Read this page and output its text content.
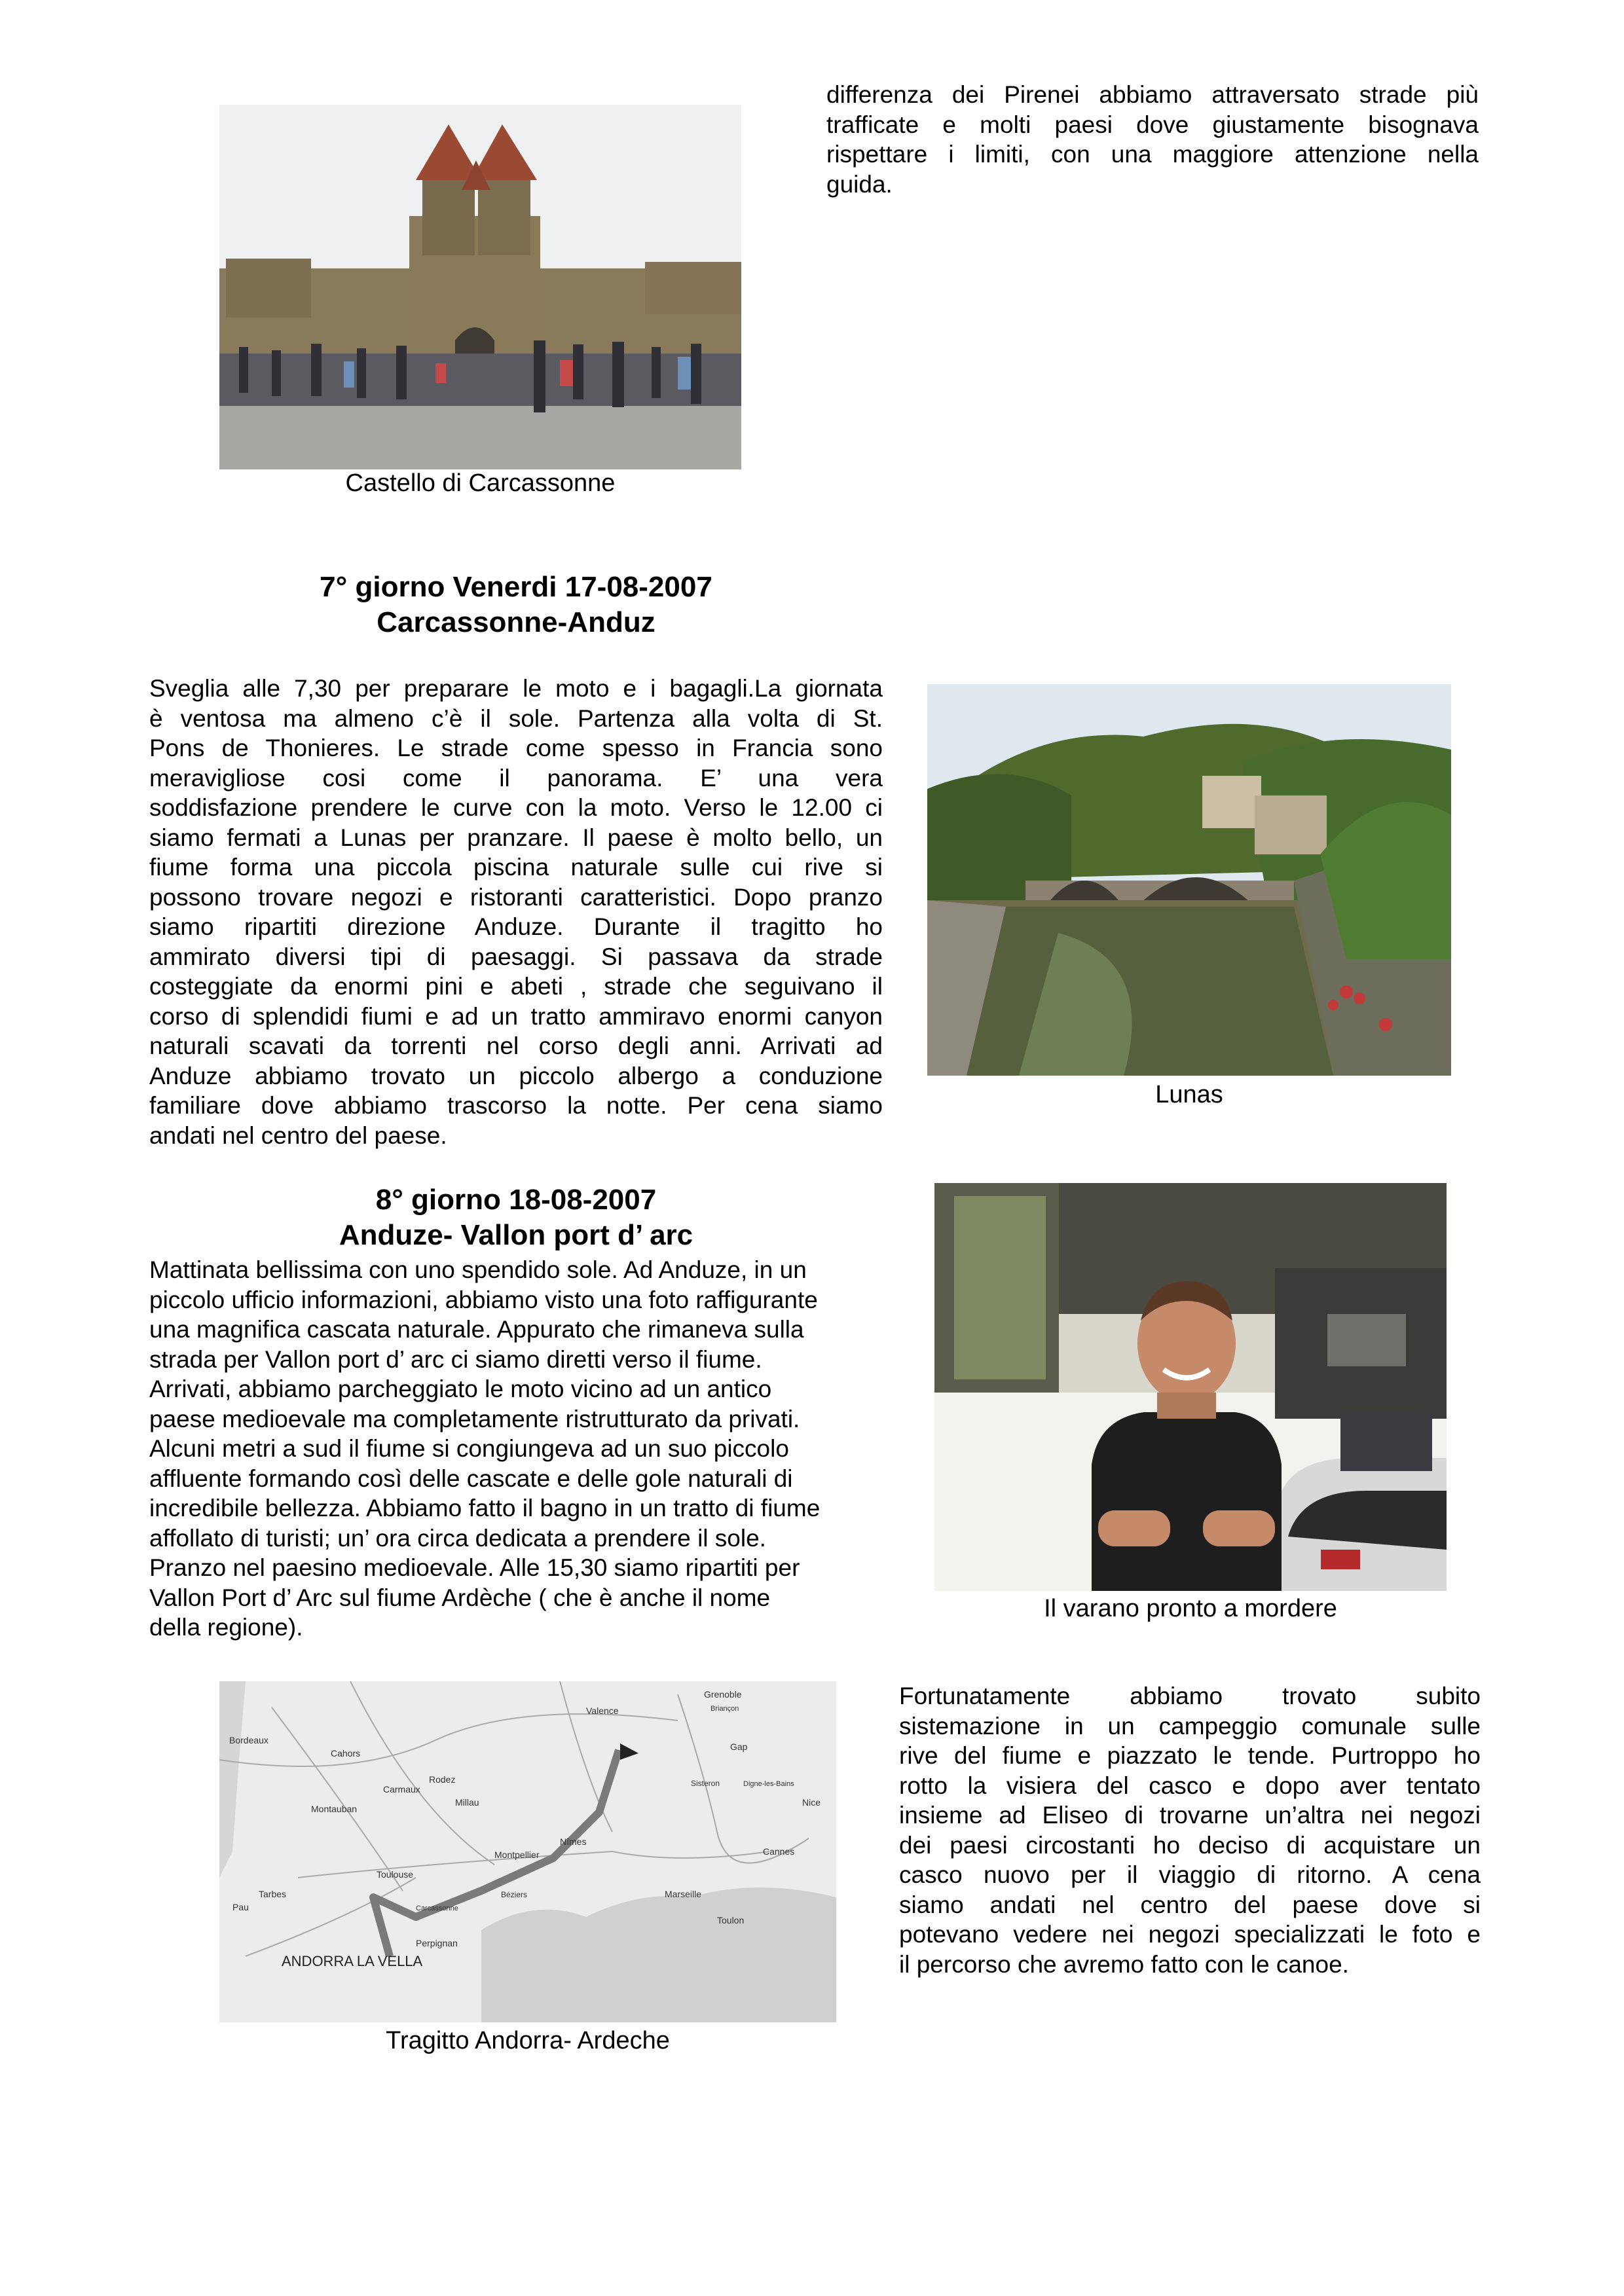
differenza dei Pirenei abbiamo attraversato strade più
trafficate e molti paesi dove giustamente bisognava
rispettare i limiti, con una maggiore attenzione nella
guida.
Castello di Carcassonne
7° giorno Venerdi 17-08-2007
Carcassonne-Anduz
Sveglia alle 7,30 per preparare le moto e i bagagli.La giornata
è ventosa ma almeno c’è il sole. Partenza alla volta di St.
Pons de Thonieres. Le strade come spesso in Francia sono
meravigliose cosi come il panorama. E’ una vera
soddisfazione prendere le curve con la moto. Verso le 12.00 ci
siamo fermati a Lunas per pranzare. Il paese è molto bello, un
fiume forma una piccola piscina naturale sulle cui rive si
possono trovare negozi e ristoranti caratteristici. Dopo pranzo
siamo ripartiti direzione Anduze. Durante il tragitto ho
ammirato diversi tipi di paesaggi. Si passava da strade
costeggiate da enormi pini e abeti , strade che seguivano il
corso di splendidi fiumi e ad un tratto ammiravo enormi canyon
naturali scavati da torrenti nel corso degli anni. Arrivati ad
Anduze abbiamo trovato un piccolo albergo a conduzione
familiare dove abbiamo trascorso la notte. Per cena siamo
andati nel centro del paese.
Lunas
8° giorno 18-08-2007
Anduze- Vallon port d’ arc
Mattinata bellissima con uno spendido sole. Ad Anduze, in un
piccolo ufficio informazioni, abbiamo visto una foto raffigurante
una magnifica cascata naturale. Appurato che rimaneva sulla
strada per Vallon port d’ arc ci siamo diretti verso il fiume.
Arrivati, abbiamo parcheggiato le moto vicino ad un antico
paese medioevale ma completamente ristrutturato da privati.
Alcuni metri a sud il fiume si congiungeva ad un suo piccolo
affluente formando così delle cascate e delle gole naturali di
incredibile bellezza. Abbiamo fatto il bagno in un tratto di fiume
affollato di turisti; un’ ora circa dedicata a prendere il sole.
Pranzo nel paesino medioevale. Alle 15,30 siamo ripartiti per
Vallon Port d’ Arc sul fiume Ardèche ( che è anche il nome
della regione).
Il varano pronto a mordere
Bordeaux
Cahors
Montauban
Carmaux
Rodez
Millau
Toulouse
Montpellier
Nîmes
Valence
Grenoble
Briançon
Gap
Sisteron	Digne-les-Bains
Nice
Cannes
Marseille
Toulon
Béziers
Carcassonne
Perpignan
Tarbes
Pau
ANDORRA LA VELLA
Tragitto Andorra- Ardeche
Fortunatamente abbiamo trovato subito
sistemazione in un campeggio comunale sulle
rive del fiume e piazzato le tende. Purtroppo ho
rotto la visiera del casco e dopo aver tentato
insieme ad Eliseo di trovarne un’altra nei negozi
dei paesi circostanti ho deciso di acquistare un
casco nuovo per il viaggio di ritorno. A cena
siamo andati nel centro del paese dove si
potevano vedere nei negozi specializzati le foto e
il percorso che avremo fatto con le canoe.
